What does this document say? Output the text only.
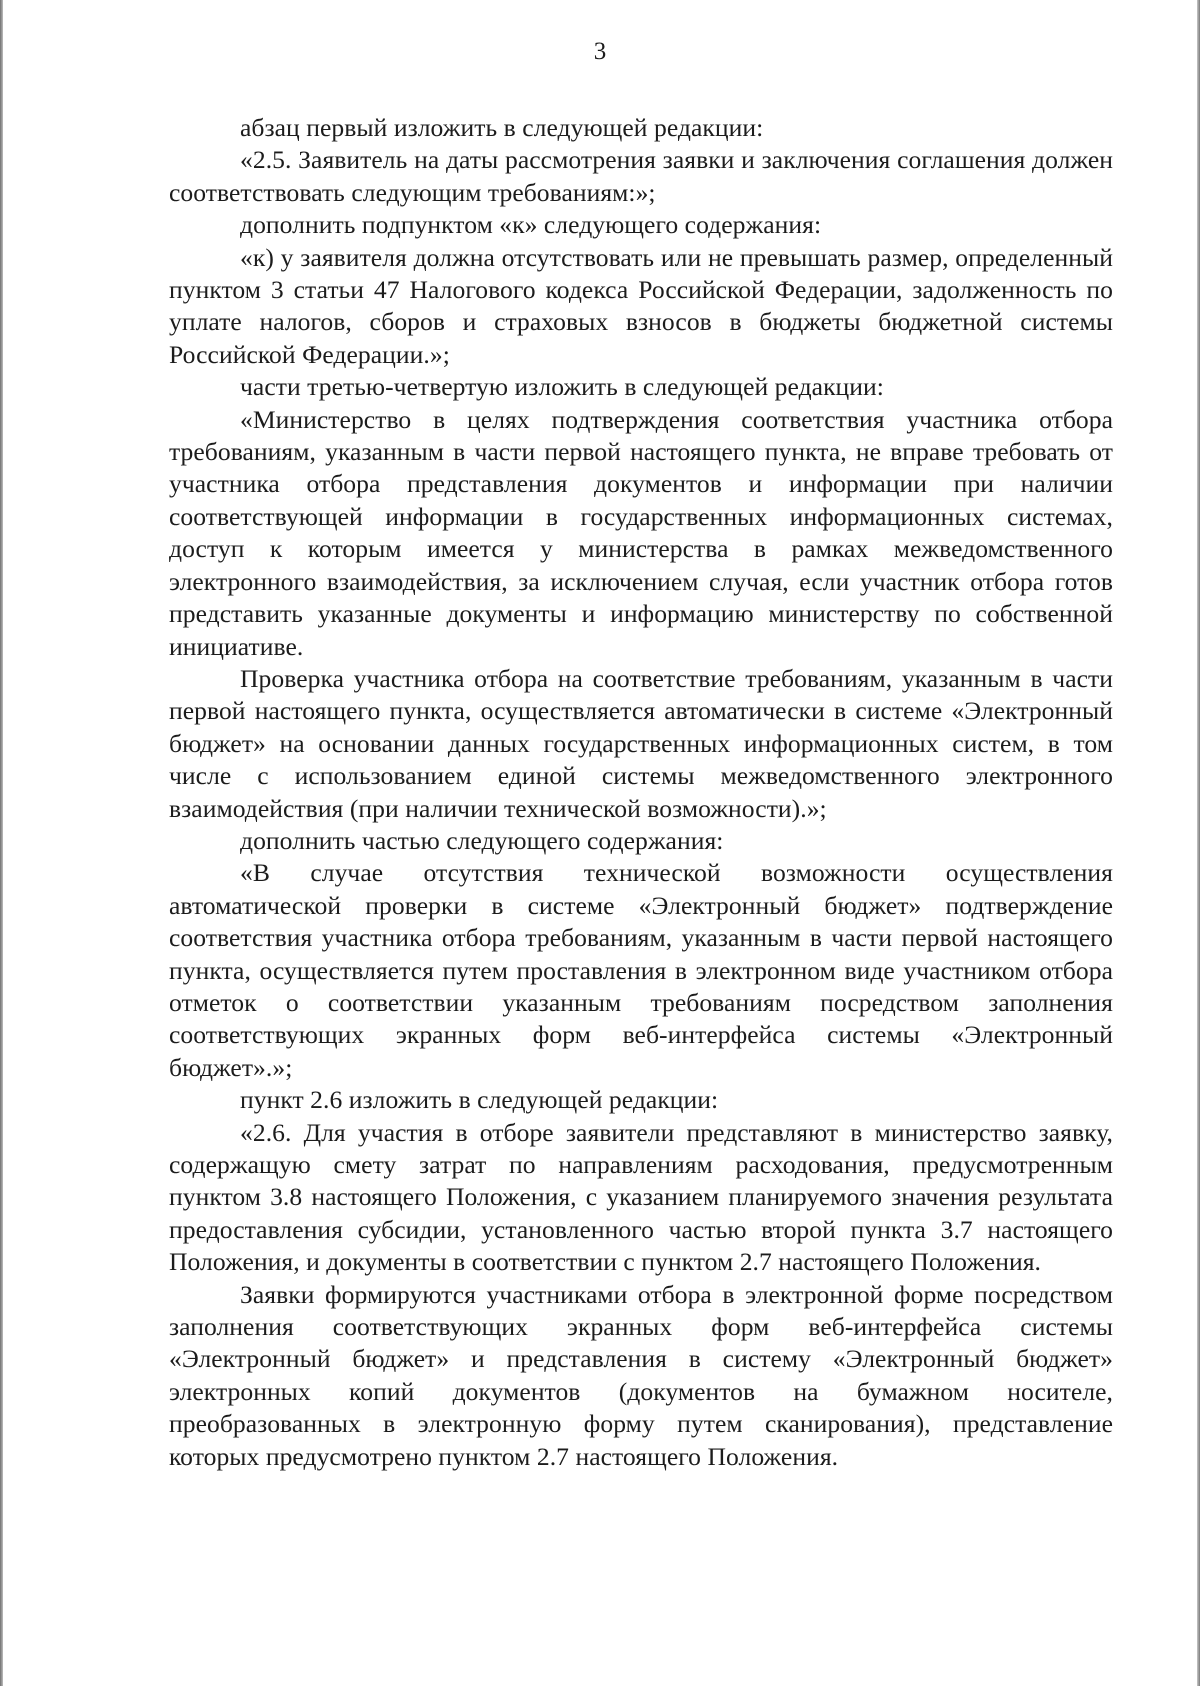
3

абзац первый изложить в следующей редакции:

«2.5. Заявитель на даты рассмотрения заявки и заключения соглашения должен соответствовать следующим требованиям:»;

дополнить подпунктом «к» следующего содержания:

«к) у заявителя должна отсутствовать или не превышать размер, определенный пунктом 3 статьи 47 Налогового кодекса Российской Федерации, задолженность по уплате налогов, сборов и страховых взносов в бюджеты бюджетной системы Российской Федерации.»;

части третью-четвертую изложить в следующей редакции:

«Министерство в целях подтверждения соответствия участника отбора требованиям, указанным в части первой настоящего пункта, не вправе требовать от участника отбора представления документов и информации при наличии соответствующей информации в государственных информационных системах, доступ к которым имеется у министерства в рамках межведомственного электронного взаимодействия, за исключением случая, если участник отбора готов представить указанные документы и информацию министерству по собственной инициативе.

Проверка участника отбора на соответствие требованиям, указанным в части первой настоящего пункта, осуществляется автоматически в системе «Электронный бюджет» на основании данных государственных информационных систем, в том числе с использованием единой системы межведомственного электронного взаимодействия (при наличии технической возможности).»;

дополнить частью следующего содержания:

«В случае отсутствия технической возможности осуществления автоматической проверки в системе «Электронный бюджет» подтверждение соответствия участника отбора требованиям, указанным в части первой настоящего пункта, осуществляется путем проставления в электронном виде участником отбора отметок о соответствии указанным требованиям посредством заполнения соответствующих экранных форм веб-интерфейса системы «Электронный бюджет».»;

пункт 2.6 изложить в следующей редакции:

«2.6. Для участия в отборе заявители представляют в министерство заявку, содержащую смету затрат по направлениям расходования, предусмотренным пунктом 3.8 настоящего Положения, с указанием планируемого значения результата предоставления субсидии, установленного частью второй пункта 3.7 настоящего Положения, и документы в соответствии с пунктом 2.7 настоящего Положения.

Заявки формируются участниками отбора в электронной форме посредством заполнения соответствующих экранных форм веб-интерфейса системы «Электронный бюджет» и представления в систему «Электронный бюджет» электронных копий документов (документов на бумажном носителе, преобразованных в электронную форму путем сканирования), представление которых предусмотрено пунктом 2.7 настоящего Положения.
